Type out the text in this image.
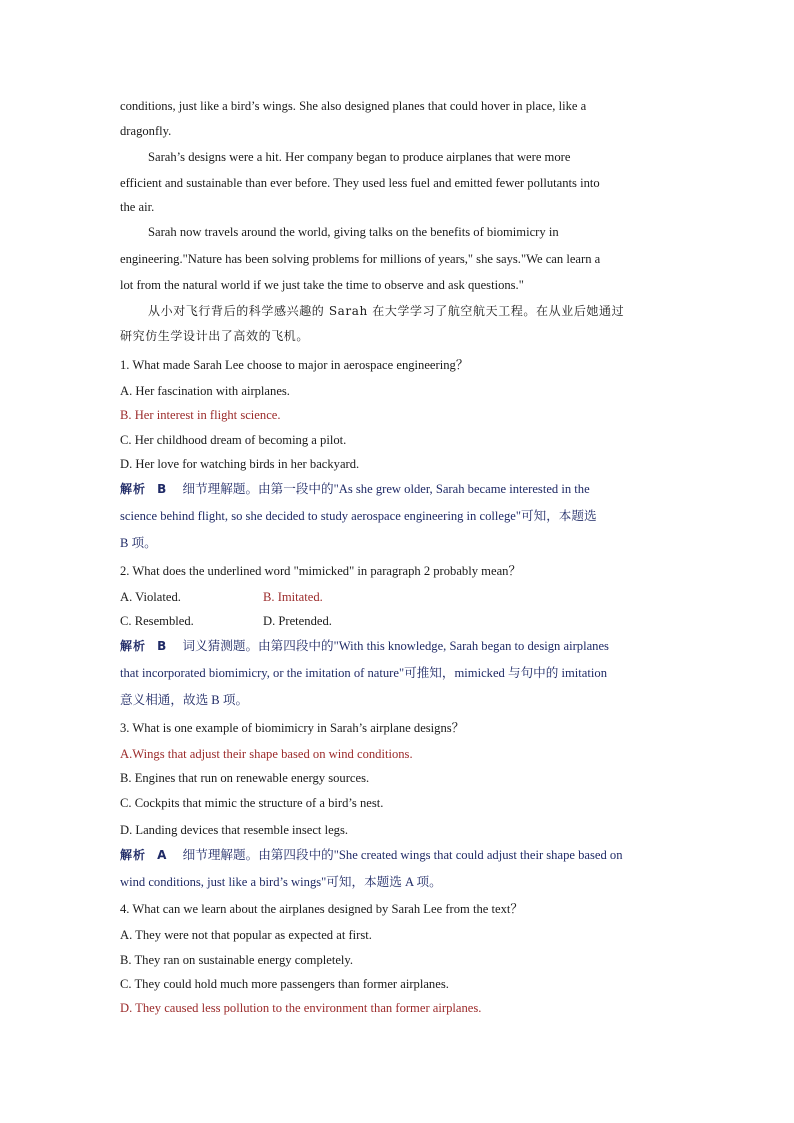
conditions, just like a bird’s wings. She also designed planes that could hover in place, like a
dragonfly.
Sarah’s designs were a hit. Her company began to produce airplanes that were more
efficient and sustainable than ever before. They used less fuel and emitted fewer pollutants into
the air.
Sarah now travels around the world, giving talks on the benefits of biomimicry in
engineering."Nature has been solving problems for millions of years," she says."We can learn a
lot from the natural world if we just take the time to observe and ask questions."
从小对飞行背后的科学感兴趣的 Sarah 在大学学习了航空航天工程。在从业后她通过
研究仿生学设计出了高效的飞机。
1. What made Sarah Lee choose to major in aerospace engineering？
A. Her fascination with airplanes.
B. Her interest in flight science.
C. Her childhood dream of becoming a pilot.
D. Her love for watching birds in her backyard.
解析 B 细节理解题。由第一段中的"As she grew older, Sarah became interested in the
science behind flight, so she decided to study aerospace engineering in college"可知，本题选
B 项。
2. What does the underlined word "mimicked" in paragraph 2 probably mean？
A. Violated.	B. Imitated.
C. Resembled.	D. Pretended.
解析 B 词义猜测题。由第四段中的"With this knowledge, Sarah began to design airplanes
that incorporated biomimicry, or the imitation of nature"可推知，mimicked 与句中的 imitation
意义相通，故选 B 项。
3. What is one example of biomimicry in Sarah’s airplane designs？
A.Wings that adjust their shape based on wind conditions.
B. Engines that run on renewable energy sources.
C. Cockpits that mimic the structure of a bird’s nest.
D. Landing devices that resemble insect legs.
解析 A 细节理解题。由第四段中的"She created wings that could adjust their shape based on
wind conditions, just like a bird’s wings"可知，本题选 A 项。
4. What can we learn about the airplanes designed by Sarah Lee from the text？
A. They were not that popular as expected at first.
B. They ran on sustainable energy completely.
C. They could hold much more passengers than former airplanes.
D. They caused less pollution to the environment than former airplanes.
